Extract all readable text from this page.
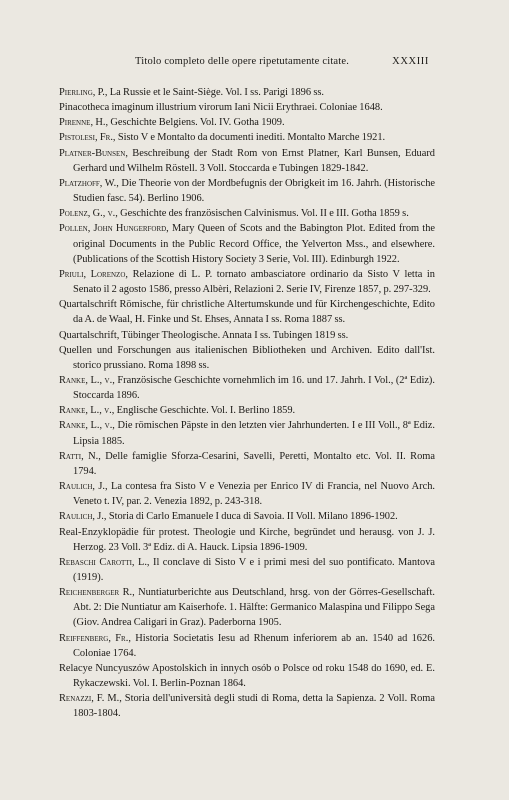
Titolo completo delle opere ripetutamente citate.	XXXIII

Pierling, P., La Russie et le Saint-Siège. Vol. I ss. Parigi 1896 ss.

Pinacotheca imaginum illustrium virorum Iani Nicii Erythraei. Coloniae 1648.

Pirenne, H., Geschichte Belgiens. Vol. IV. Gotha 1909.

Pistolesi, Fr., Sisto V e Montalto da documenti inediti. Montalto Marche 1921.

Platner-Bunsen, Beschreibung der Stadt Rom von Ernst Platner, Karl Bunsen, Eduard Gerhard und Wilhelm Röstell. 3 Voll. Stoccarda e Tubingen 1829-1842.

Platzhoff, W., Die Theorie von der Mordbefugnis der Obrigkeit im 16. Jahrh. (Historische Studien fasc. 54). Berlino 1906.

Polenz, G., v., Geschichte des französischen Calvinismus. Vol. II e III. Gotha 1859 s.

Pollen, John Hungerford, Mary Queen of Scots and the Babington Plot. Edited from the original Documents in the Public Record Office, the Yelverton Mss., and elsewhere. (Publications of the Scottish History Society 3 Serie, Vol. III). Edinburgh 1922.

Priuli, Lorenzo, Relazione di L. P. tornato ambasciatore ordinario da Sisto V letta in Senato il 2 agosto 1586, presso Albèri, Relazioni 2. Serie IV, Firenze 1857, p. 297-329.

Quartalschrift Römische, für christliche Altertumskunde und für Kirchengeschichte, Edito da A. de Waal, H. Finke und St. Ehses, Annata I ss. Roma 1887 ss.

Quartalschrift, Tübinger Theologische. Annata I ss. Tubingen 1819 ss.

Quellen und Forschungen aus italienischen Bibliotheken und Archiven. Edito dall'Ist. storico prussiano. Roma 1898 ss.

Ranke, L., v., Französische Geschichte vornehmlich im 16. und 17. Jahrh. I Vol., (2ª Ediz). Stoccarda 1896.

Ranke, L., v., Englische Geschichte. Vol. I. Berlino 1859.

Ranke, L., v., Die römischen Päpste in den letzten vier Jahrhunderten. I e III Voll., 8ª Ediz. Lipsia 1885.

Ratti, N., Delle famiglie Sforza-Cesarini, Savelli, Peretti, Montalto etc. Vol. II. Roma 1794.

Raulich, J., La contesa fra Sisto V e Venezia per Enrico IV di Francia, nel Nuovo Arch. Veneto t. IV, par. 2. Venezia 1892, p. 243-318.

Raulich, J., Storia di Carlo Emanuele I duca di Savoia. II Voll. Milano 1896-1902.

Real-Enzyklopädie für protest. Theologie und Kirche, begründet und herausg. von J. J. Herzog. 23 Voll. 3ª Ediz. di A. Hauck. Lipsia 1896-1909.

Rebaschi Carotti, L., Il conclave di Sisto V e i primi mesi del suo pontificato. Mantova (1919).

Reichenberger R., Nuntiaturberichte aus Deutschland, hrsg. von der Görres-Gesellschaft. Abt. 2: Die Nuntiatur am Kaiserhofe. 1. Hälfte: Germanico Malaspina und Filippo Sega (Giov. Andrea Caligari in Graz). Paderborna 1905.

Reiffenberg, Fr., Historia Societatis Iesu ad Rhenum inferiorem ab an. 1540 ad 1626. Coloniae 1764.

Relacye Nuncyuszów Apostolskich in innych osób o Polsce od roku 1548 do 1690, ed. E. Rykaczewski. Vol. I. Berlin-Poznan 1864.

Renazzi, F. M., Storia dell'università degli studi di Roma, detta la Sapienza. 2 Voll. Roma 1803-1804.
